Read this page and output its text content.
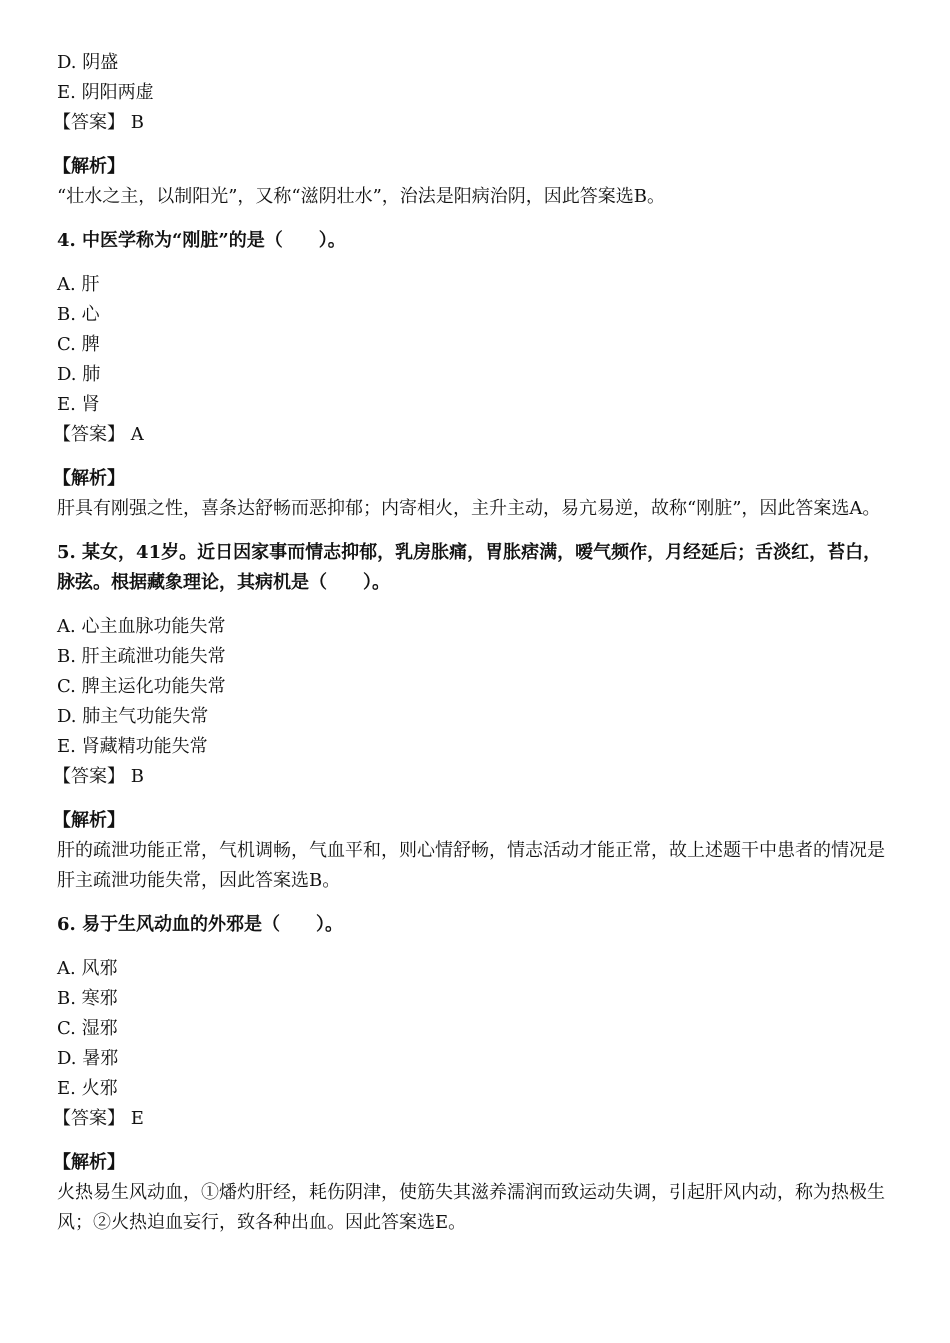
D. 阴盛
E. 阴阳两虚
【答案】 B
【解析】
“壮水之主，以制阳光”，又称“滋阴壮水”，治法是阳病治阴，因此答案选B。
4. 中医学称为“刚脏”的是（　　）。
A. 肝
B. 心
C. 脾
D. 肺
E. 肾
【答案】 A
【解析】
肝具有刚强之性，喜条达舒畅而恶抑郁；内寄相火，主升主动，易亢易逆，故称“刚脏”，因此答案选A。
5. 某女，41岁。近日因家事而情志抑郁，乳房胀痛，胃胀痞满，嗳气频作，月经延后；舌淡红，苔白，脉弦。根据藏象理论，其病机是（　　）。
A. 心主血脉功能失常
B. 肝主疏泄功能失常
C. 脾主运化功能失常
D. 肺主气功能失常
E. 肾藏精功能失常
【答案】 B
【解析】
肝的疏泄功能正常，气机调畅，气血平和，则心情舒畅，情志活动才能正常，故上述题干中患者的情况是肝主疏泄功能失常，因此答案选B。
6. 易于生风动血的外邪是（　　）。
A. 风邪
B. 寒邪
C. 湿邪
D. 暑邪
E. 火邪
【答案】 E
【解析】
火热易生风动血，①燔灼肝经，耗伤阴津，使筋失其滋养濡润而致运动失调，引起肝风内动，称为热极生风；②火热迫血妄行，致各种出血。因此答案选E。
